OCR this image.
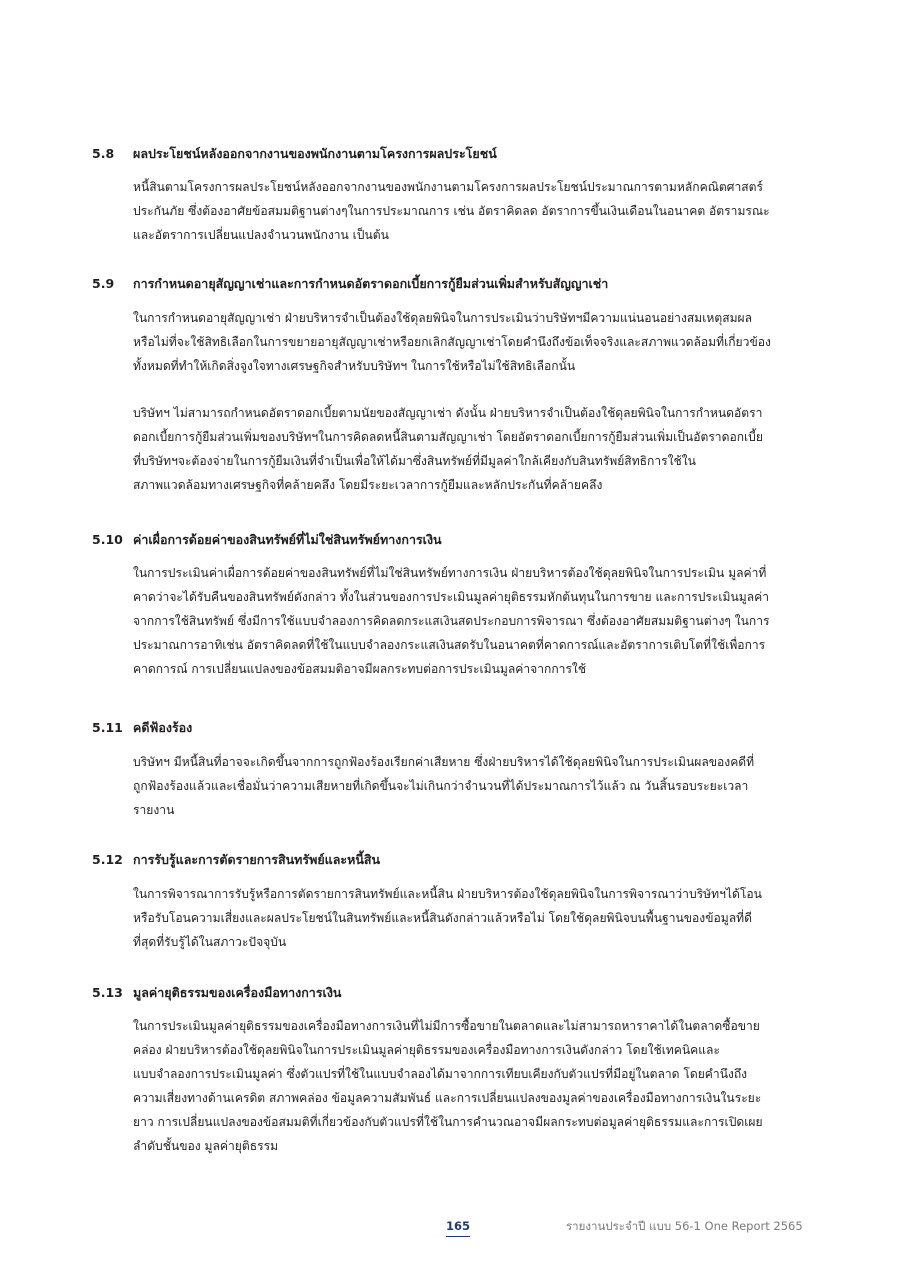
5.8 ผลประโยชน์หลังออกจากงานของพนักงานตามโครงการผลประโยชน์
หนี้สินตามโครงการผลประโยชน์หลังออกจากงานของพนักงานตามโครงการผลประโยชน์ประมาณการตามหลักคณิตศาสตร์
ประกันภัย ซึ่งต้องอาศัยข้อสมมติฐานต่างๆในการประมาณการ เช่น อัตราคิดลด อัตราการขึ้นเงินเดือนในอนาคต อัตรามรณะ
และอัตราการเปลี่ยนแปลงจำนวนพนักงาน เป็นต้น
5.9 การกำหนดอายุสัญญาเช่าและการกำหนดอัตราดอกเบี้ยการกู้ยืมส่วนเพิ่มสำหรับสัญญาเช่า
ในการกำหนดอายุสัญญาเช่า ฝ่ายบริหารจำเป็นต้องใช้ดุลยพินิจในการประเมินว่าบริษัทฯมีความแน่นอนอย่างสมเหตุสมผล
หรือไม่ที่จะใช้สิทธิเลือกในการขยายอายุสัญญาเช่าหรือยกเลิกสัญญาเช่าโดยคำนึงถึงข้อเท็จจริงและสภาพแวดล้อมที่เกี่ยวข้อง
ทั้งหมดที่ทำให้เกิดสิ่งจูงใจทางเศรษฐกิจสำหรับบริษัทฯ ในการใช้หรือไม่ใช้สิทธิเลือกนั้น
บริษัทฯ ไม่สามารถกำหนดอัตราดอกเบี้ยตามนัยของสัญญาเช่า ดังนั้น ฝ่ายบริหารจำเป็นต้องใช้ดุลยพินิจในการกำหนดอัตรา
ดอกเบี้ยการกู้ยืมส่วนเพิ่มของบริษัทฯในการคิดลดหนี้สินตามสัญญาเช่า โดยอัตราดอกเบี้ยการกู้ยืมส่วนเพิ่มเป็นอัตราดอกเบี้ย
ที่บริษัทฯจะต้องจ่ายในการกู้ยืมเงินที่จำเป็นเพื่อให้ได้มาซึ่งสินทรัพย์ที่มีมูลค่าใกล้เคียงกับสินทรัพย์สิทธิการใช้ใน
สภาพแวดล้อมทางเศรษฐกิจที่คล้ายคลึง โดยมีระยะเวลาการกู้ยืมและหลักประกันที่คล้ายคลึง
5.10 ค่าเผื่อการด้อยค่าของสินทรัพย์ที่ไม่ใช่สินทรัพย์ทางการเงิน
ในการประเมินค่าเผื่อการด้อยค่าของสินทรัพย์ที่ไม่ใช่สินทรัพย์ทางการเงิน ฝ่ายบริหารต้องใช้ดุลยพินิจในการประเมิน มูลค่าที่
คาดว่าจะได้รับคืนของสินทรัพย์ดังกล่าว ทั้งในส่วนของการประเมินมูลค่ายุติธรรมหักต้นทุนในการขาย และการประเมินมูลค่า
จากการใช้สินทรัพย์ ซึ่งมีการใช้แบบจำลองการคิดลดกระแสเงินสดประกอบการพิจารณา ซึ่งต้องอาศัยสมมติฐานต่างๆ ในการ
ประมาณการอาทิเช่น อัตราคิดลดที่ใช้ในแบบจำลองกระแสเงินสดรับในอนาคตที่คาดการณ์และอัตราการเติบโตที่ใช้เพื่อการ
คาดการณ์ การเปลี่ยนแปลงของข้อสมมติอาจมีผลกระทบต่อการประเมินมูลค่าจากการใช้
5.11 คดีฟ้องร้อง
บริษัทฯ มีหนี้สินที่อาจจะเกิดขึ้นจากการถูกฟ้องร้องเรียกค่าเสียหาย ซึ่งฝ่ายบริหารได้ใช้ดุลยพินิจในการประเมินผลของคดีที่
ถูกฟ้องร้องแล้วและเชื่อมั่นว่าความเสียหายที่เกิดขึ้นจะไม่เกินกว่าจำนวนที่ได้ประมาณการไว้แล้ว ณ วันสิ้นรอบระยะเวลา
รายงาน
5.12 การรับรู้และการตัดรายการสินทรัพย์และหนี้สิน
ในการพิจารณาการรับรู้หรือการตัดรายการสินทรัพย์และหนี้สิน ฝ่ายบริหารต้องใช้ดุลยพินิจในการพิจารณาว่าบริษัทฯได้โอน
หรือรับโอนความเสี่ยงและผลประโยชน์ในสินทรัพย์และหนี้สินดังกล่าวแล้วหรือไม่ โดยใช้ดุลยพินิจบนพื้นฐานของข้อมูลที่ดี
ที่สุดที่รับรู้ได้ในสภาวะปัจจุบัน
5.13 มูลค่ายุติธรรมของเครื่องมือทางการเงิน
ในการประเมินมูลค่ายุติธรรมของเครื่องมือทางการเงินที่ไม่มีการซื้อขายในตลาดและไม่สามารถหาราคาได้ในตลาดซื้อขาย
คล่อง ฝ่ายบริหารต้องใช้ดุลยพินิจในการประเมินมูลค่ายุติธรรมของเครื่องมือทางการเงินดังกล่าว โดยใช้เทคนิคและ
แบบจำลองการประเมินมูลค่า ซึ่งตัวแปรที่ใช้ในแบบจำลองได้มาจากการเทียบเคียงกับตัวแปรที่มีอยู่ในตลาด โดยคำนึงถึง
ความเสี่ยงทางด้านเครดิต สภาพคล่อง ข้อมูลความสัมพันธ์ และการเปลี่ยนแปลงของมูลค่าของเครื่องมือทางการเงินในระยะ
ยาว การเปลี่ยนแปลงของข้อสมมติที่เกี่ยวข้องกับตัวแปรที่ใช้ในการคำนวณอาจมีผลกระทบต่อมูลค่ายุติธรรมและการเปิดเผย
ลำดับชั้นของ มูลค่ายุติธรรม
165	รายงานประจำปี แบบ 56-1 One Report 2565
